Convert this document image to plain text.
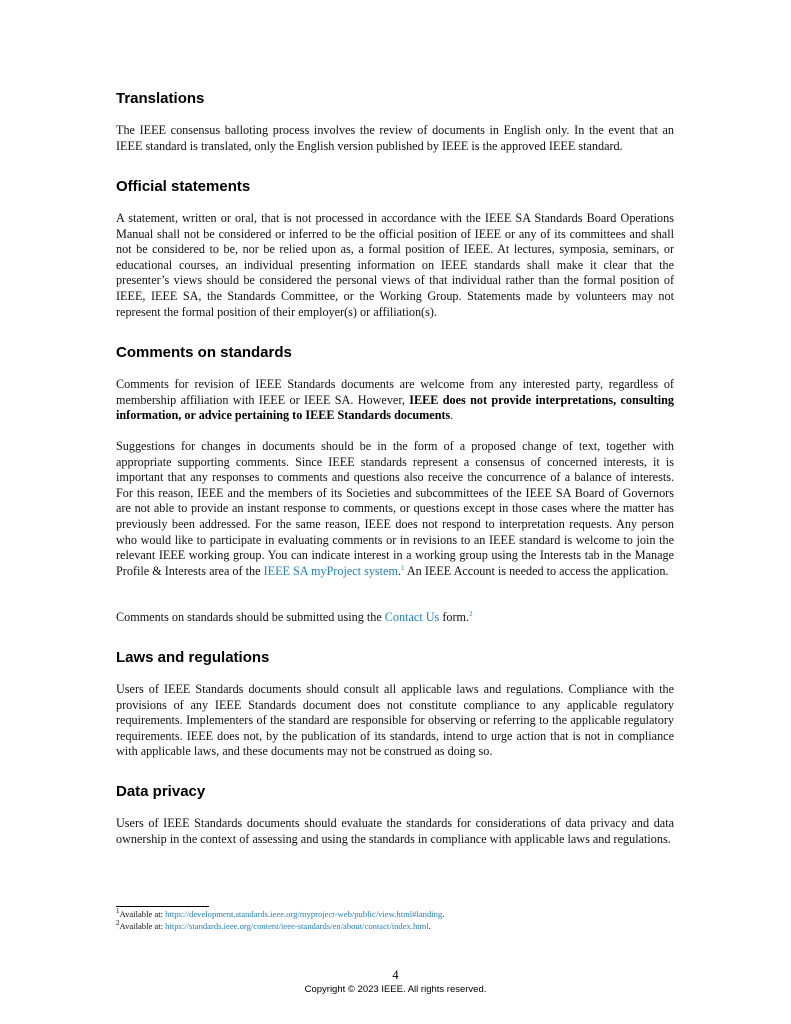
Translations

The IEEE consensus balloting process involves the review of documents in English only. In the event that an IEEE standard is translated, only the English version published by IEEE is the approved IEEE standard.

Official statements

A statement, written or oral, that is not processed in accordance with the IEEE SA Standards Board Operations Manual shall not be considered or inferred to be the official position of IEEE or any of its committees and shall not be considered to be, nor be relied upon as, a formal position of IEEE. At lectures, symposia, seminars, or educational courses, an individual presenting information on IEEE standards shall make it clear that the presenter’s views should be considered the personal views of that individual rather than the formal position of IEEE, IEEE SA, the Standards Committee, or the Working Group. Statements made by volunteers may not represent the formal position of their employer(s) or affiliation(s).

Comments on standards

Comments for revision of IEEE Standards documents are welcome from any interested party, regardless of membership affiliation with IEEE or IEEE SA. However, IEEE does not provide interpretations, consulting information, or advice pertaining to IEEE Standards documents.

Suggestions for changes in documents should be in the form of a proposed change of text, together with appropriate supporting comments. Since IEEE standards represent a consensus of concerned interests, it is important that any responses to comments and questions also receive the concurrence of a balance of interests. For this reason, IEEE and the members of its Societies and subcommittees of the IEEE SA Board of Governors are not able to provide an instant response to comments, or questions except in those cases where the matter has previously been addressed. For the same reason, IEEE does not respond to interpretation requests. Any person who would like to participate in evaluating comments or in revisions to an IEEE standard is welcome to join the relevant IEEE working group. You can indicate interest in a working group using the Interests tab in the Manage Profile & Interests area of the IEEE SA myProject system.$^1$ An IEEE Account is needed to access the application.

Comments on standards should be submitted using the Contact Us form.$^2$

Laws and regulations

Users of IEEE Standards documents should consult all applicable laws and regulations. Compliance with the provisions of any IEEE Standards document does not constitute compliance to any applicable regulatory requirements. Implementers of the standard are responsible for observing or referring to the applicable regulatory requirements. IEEE does not, by the publication of its standards, intend to urge action that is not in compliance with applicable laws, and these documents may not be construed as doing so.

Data privacy

Users of IEEE Standards documents should evaluate the standards for considerations of data privacy and data ownership in the context of assessing and using the standards in compliance with applicable laws and regulations.

$^1$Available at: https://development.standards.ieee.org/myproject-web/public/view.html#landing.

$^2$Available at: https://standards.ieee.org/content/ieee-standards/en/about/contact/index.html.

4

Copyright © 2023 IEEE. All rights reserved.
